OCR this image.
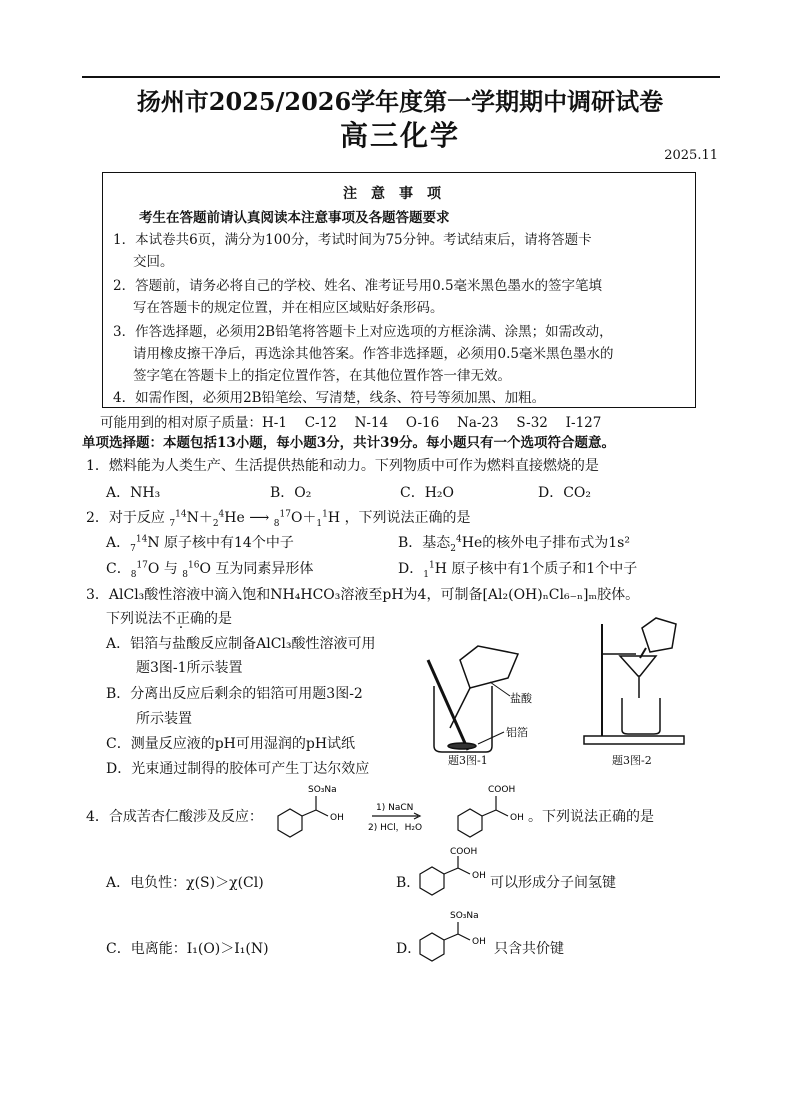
扬州市2025/2026学年度第一学期期中调研试卷
高三化学
2025.11
注意事项
考生在答题前请认真阅读本注意事项及各题答题要求
1．本试卷共6页，满分为100分，考试时间为75分钟。考试结束后，请将答题卡
交回。
2．答题前，请务必将自己的学校、姓名、准考证号用0.5毫米黑色墨水的签字笔填
写在答题卡的规定位置，并在相应区域贴好条形码。
3．作答选择题，必须用2B铅笔将答题卡上对应选项的方框涂满、涂黑；如需改动，
请用橡皮擦干净后，再选涂其他答案。作答非选择题，必须用0.5毫米黑色墨水的
签字笔在答题卡上的指定位置作答，在其他位置作答一律无效。
4．如需作图，必须用2B铅笔绘、写清楚，线条、符号等须加黑、加粗。
可能用到的相对原子质量：H-1　 C-12　 N-14　 O-16　 Na-23　 S-32　 I-127
单项选择题：本题包括13小题，每小题3分，共计39分。每小题只有一个选项符合题意。
1．燃料能为人类生产、生活提供热能和动力。下列物质中可作为燃料直接燃烧的是
A．NH₃	B．O₂	C．H₂O	D．CO₂
2．对于反应 $_7^{14}N+_2^4He$ ⟶ $_8^{17}O+_1^1H$ ，下列说法正确的是
A．$_7^{14}$N 原子核中有14个中子	B．基态$_2^4$He的核外电子排布式为1s²
C．$_8^{17}$O 与 $_8^{16}$O 互为同素异形体	D．$_1^1$H 原子核中有1个质子和1个中子
3．AlCl₃酸性溶液中滴入饱和NH₄HCO₃溶液至pH为4，可制备[Al₂(OH)ₙCl₆₋ₙ]ₘ胶体。
下列说法不正确的是
A．铝箔与盐酸反应制备AlCl₃酸性溶液可用
题3图-1所示装置
B．分离出反应后剩余的铝箔可用题3图-2
所示装置
C．测量反应液的pH可用湿润的pH试纸
D．光束通过制得的胶体可产生丁达尔效应
盐酸
铝箔
题3图-1	题3图-2
4．合成苦杏仁酸涉及反应：
SO₃Na
OH
1) NaCN
2) HCl，H₂O
COOH
OH 。下列说法正确的是
A．电负性：χ(S)＞χ(Cl)	B．
COOH
OH 可以形成分子间氢键
C．电离能：I₁(O)＞I₁(N)	D．
SO₃Na
OH 只含共价键
